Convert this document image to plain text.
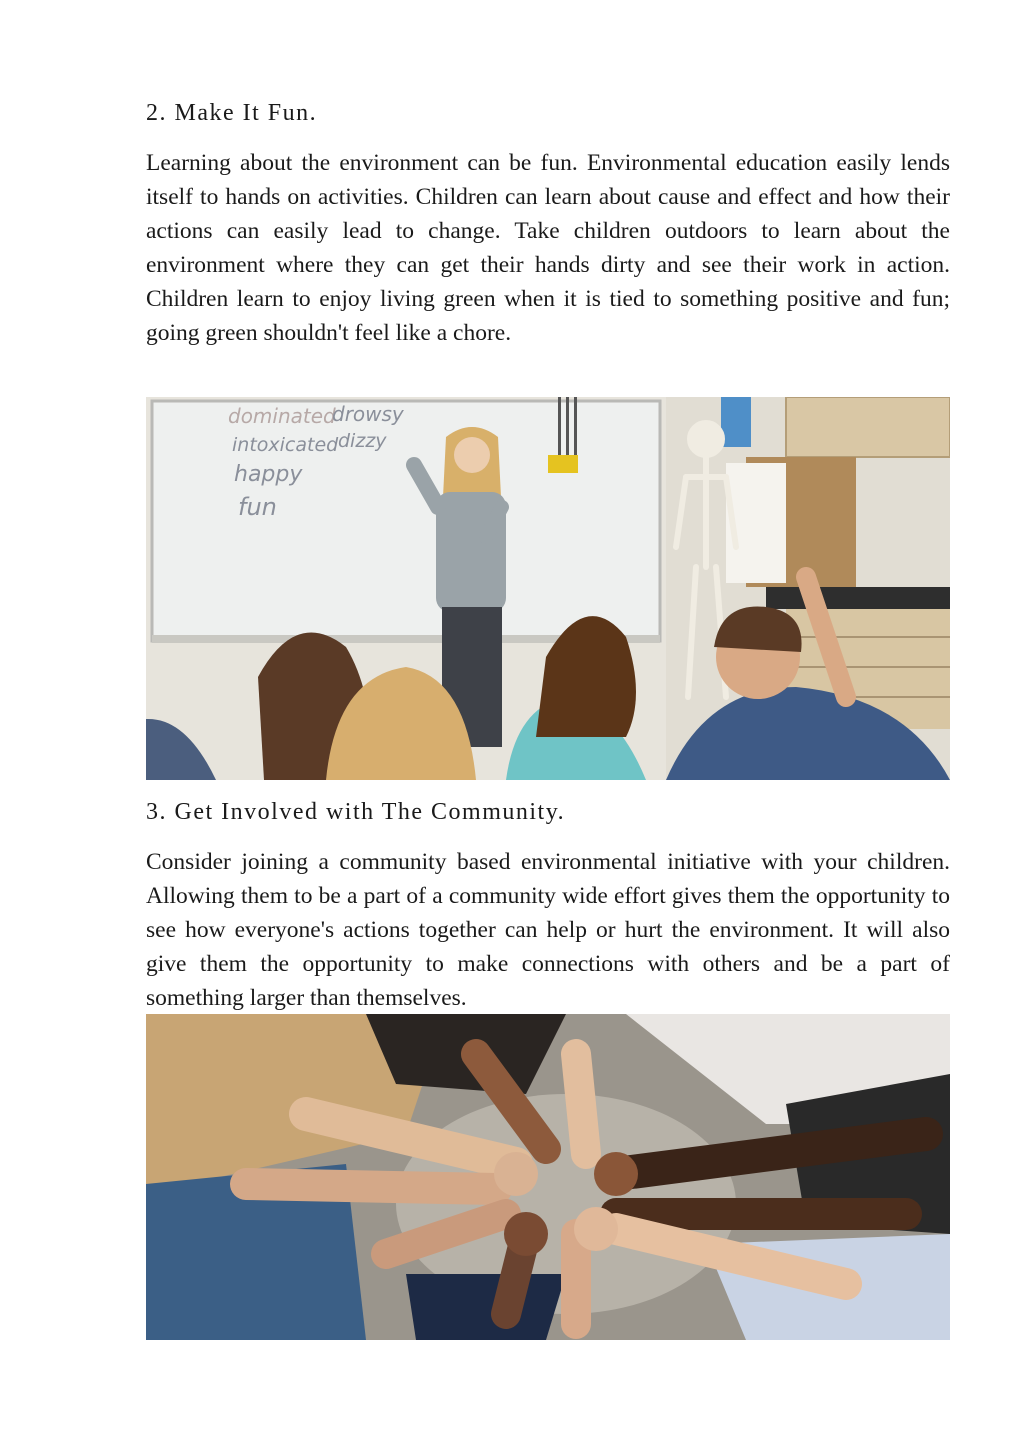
2. Make It Fun.

Learning about the environment can be fun. Environmental education easily lends itself to hands on activities. Children can learn about cause and effect and how their actions can easily lead to change. Take children outdoors to learn about the environment where they can get their hands dirty and see their work in action. Children learn to enjoy living green when it is tied to something positive and fun; going green shouldn't feel like a chore.

dominated
drowsy
intoxicated dizzy
happy
fun
3. Get Involved with The Community.

Consider joining a community based environmental initiative with your children. Allowing them to be a part of a community wide effort gives them the opportunity to see how everyone's actions together can help or hurt the environment. It will also give them the opportunity to make connections with others and be a part of something larger than themselves.
